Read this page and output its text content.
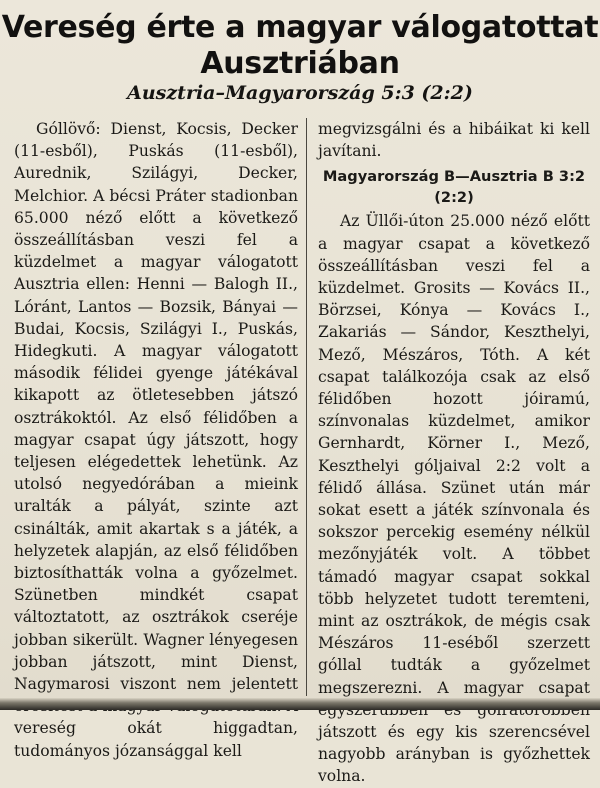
Vereség érte a magyar válogatottat Ausztriában
Ausztria–Magyarország 5:3 (2:2)

Góllövő: Dienst, Kocsis, Decker (11-esből), Puskás (11-esből), Aurednik, Szilágyi, Decker, Melchior. A bécsi Práter stadionban 65.000 néző előtt a következő összeállításban veszi fel a küzdelmet a magyar válogatott Ausztria ellen: Henni — Balogh II., Lóránt, Lantos — Bozsik, Bányai — Budai, Kocsis, Szilágyi I., Puskás, Hidegkuti. A magyar válogatott második félidei gyenge játékával kikapott az ötletesebben játszó osztrákoktól. Az első félidőben a magyar csapat úgy játszott, hogy teljesen elégedettek lehetünk. Az utolsó negyedórában a mieink uralták a pályát, szinte azt csinálták, amit akartak s a játék, a helyzetek alapján, az első félidőben biztosíthatták volna a győzelmet. Szünetben mindkét csapat változtatott, az osztrákok cseréje jobban sikerült. Wagner lényegesen jobban játszott, mint Dienst, Nagymarosi viszont nem jelentett vereség okát higgadtan, tudományos józansággal kell

megvizsgálni és a hibáikat ki kell javítani.

Magyarország B—Ausztria B 3:2 (2:2)

Az Üllői-úton 25.000 néző előtt a magyar csapat a következő összeállításban veszi fel a küzdelmet. Grosits — Kovács II., Börzsei, Kónya — Kovács I., Zakariás — Sándor, Keszthelyi, Mező, Mészáros, Tóth. A két csapat találkozója csak az első félidőben hozott jóiramú, színvonalas küzdelmet, amikor Gernhardt, Körner I., Mező, Keszthelyi góljaival 2:2 volt a félidő állása. Szünet után már sokat esett a játék színvonala és sokszor percekig esemény nélkül mezőnyjáték volt. A többet támadó magyar csapat sokkal több helyzetet tudott teremteni, mint az osztrákok, de mégis csak Mészáros 11-eséből szerzett góllal tudták a győzelmet megszerezni. A magyar csapat játszott és egy kis szerencsével nagyobb arányban is győzhettek volna.
